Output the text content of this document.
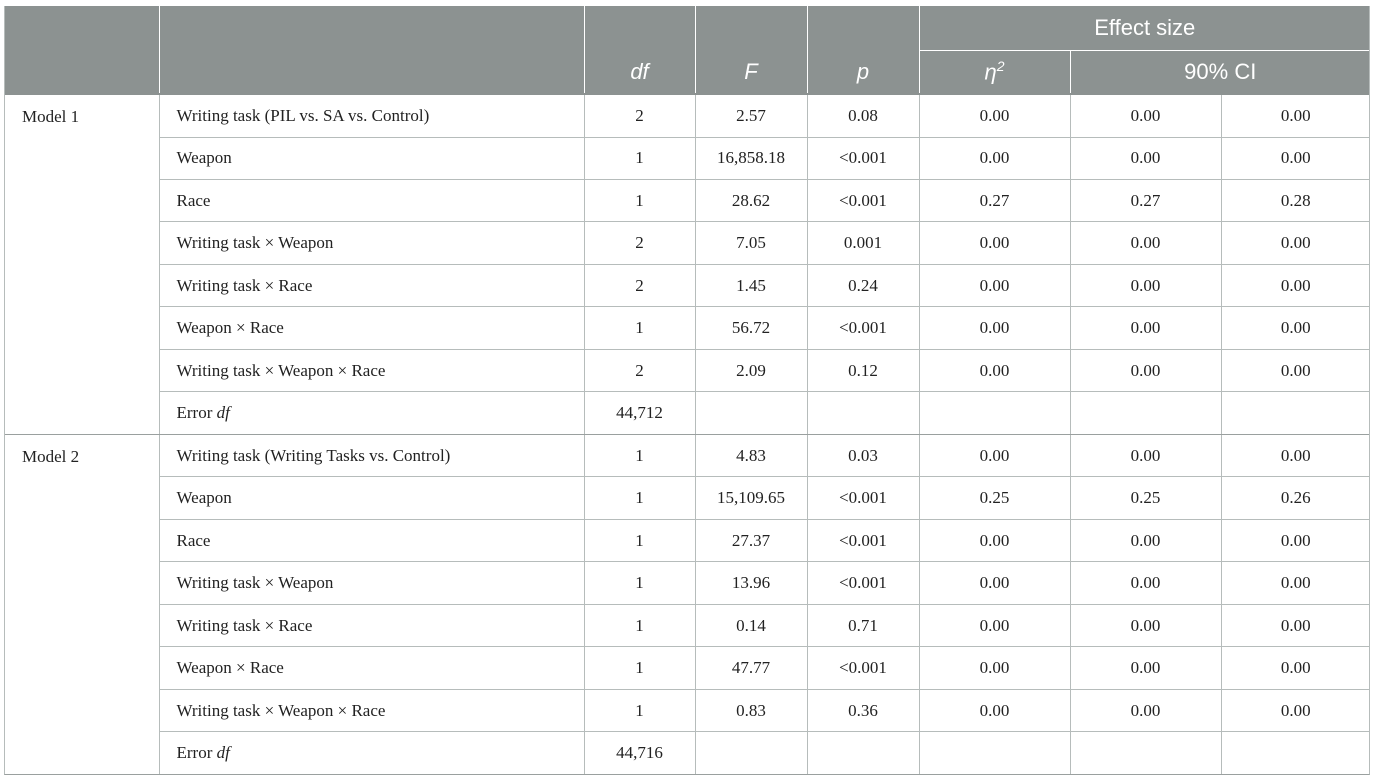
					Effect size		
		df	F	p	$\eta^2$	90% CI	
Model 1	Writing task (PIL vs. SA vs. Control)	2	2.57	0.08	0.00	0.00	0.00
	Weapon	1	16,858.18	<0.001	0.00	0.00	0.00
	Race	1	28.62	<0.001	0.27	0.27	0.28
	Writing task × Weapon	2	7.05	0.001	0.00	0.00	0.00
	Writing task × Race	2	1.45	0.24	0.00	0.00	0.00
	Weapon × Race	1	56.72	<0.001	0.00	0.00	0.00
	Writing task × Weapon × Race	2	2.09	0.12	0.00	0.00	0.00
	Error df	44,712					
Model 2	Writing task (Writing Tasks vs. Control)	1	4.83	0.03	0.00	0.00	0.00
	Weapon	1	15,109.65	<0.001	0.25	0.25	0.26
	Race	1	27.37	<0.001	0.00	0.00	0.00
	Writing task × Weapon	1	13.96	<0.001	0.00	0.00	0.00
	Writing task × Race	1	0.14	0.71	0.00	0.00	0.00
	Weapon × Race	1	47.77	<0.001	0.00	0.00	0.00
	Writing task × Weapon × Race	1	0.83	0.36	0.00	0.00	0.00
	Error df	44,716					
